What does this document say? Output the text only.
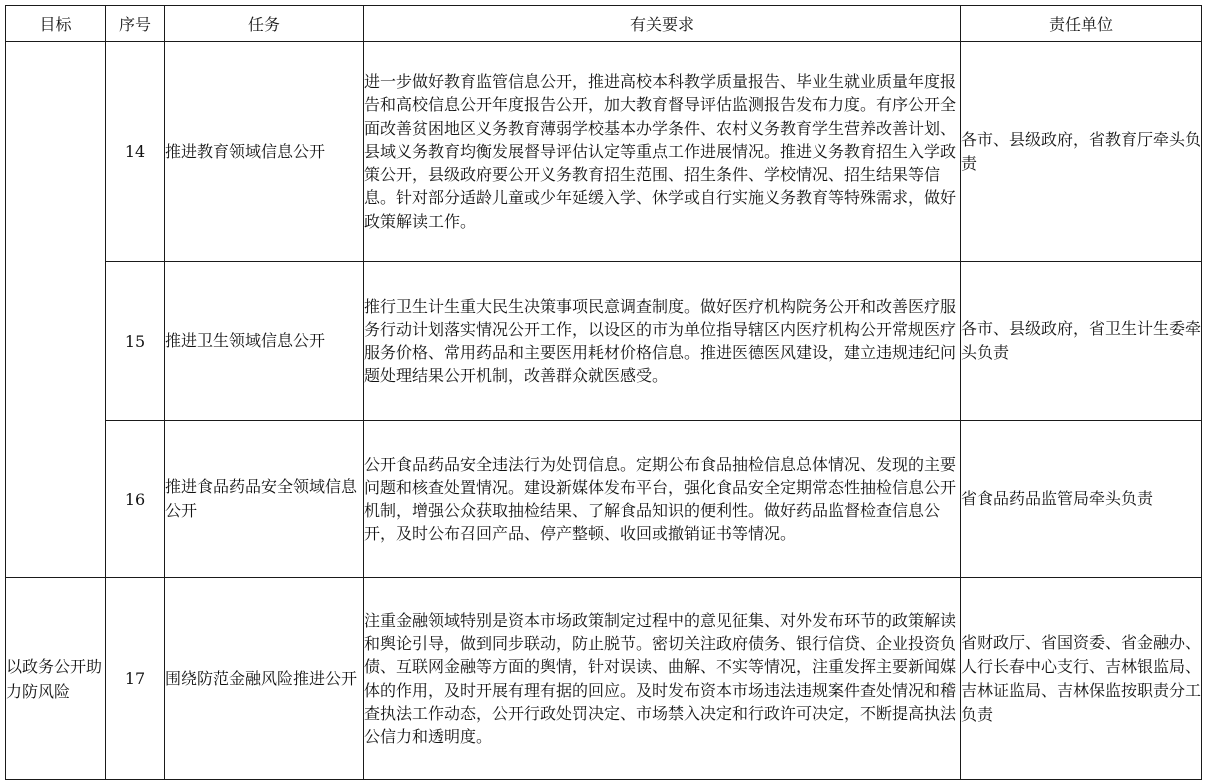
目标	序号	任务	有关要求	责任单位
	14	推进教育领域信息公开	进一步做好教育监管信息公开，推进高校本科教学质量报告、毕业生就业质量年度报告和高校信息公开年度报告公开，加大教育督导评估监测报告发布力度。有序公开全面改善贫困地区义务教育薄弱学校基本办学条件、农村义务教育学生营养改善计划、县域义务教育均衡发展督导评估认定等重点工作进展情况。推进义务教育招生入学政策公开，县级政府要公开义务教育招生范围、招生条件、学校情况、招生结果等信息。针对部分适龄儿童或少年延缓入学、休学或自行实施义务教育等特殊需求，做好政策解读工作。	各市、县级政府，省教育厅牵头负责
	15	推进卫生领域信息公开	推行卫生计生重大民生决策事项民意调查制度。做好医疗机构院务公开和改善医疗服务行动计划落实情况公开工作，以设区的市为单位指导辖区内医疗机构公开常规医疗服务价格、常用药品和主要医用耗材价格信息。推进医德医风建设，建立违规违纪问题处理结果公开机制，改善群众就医感受。	各市、县级政府，省卫生计生委牵头负责
	16	推进食品药品安全领域信息公开	公开食品药品安全违法行为处罚信息。定期公布食品抽检信息总体情况、发现的主要问题和核查处置情况。建设新媒体发布平台，强化食品安全定期常态性抽检信息公开机制，增强公众获取抽检结果、了解食品知识的便利性。做好药品监督检查信息公开，及时公布召回产品、停产整顿、收回或撤销证书等情况。	省食品药品监管局牵头负责
以政务公开助力防风险	17	围绕防范金融风险推进公开	注重金融领域特别是资本市场政策制定过程中的意见征集、对外发布环节的政策解读和舆论引导，做到同步联动，防止脱节。密切关注政府债务、银行信贷、企业投资负债、互联网金融等方面的舆情，针对误读、曲解、不实等情况，注重发挥主要新闻媒体的作用，及时开展有理有据的回应。及时发布资本市场违法违规案件查处情况和稽查执法工作动态，公开行政处罚决定、市场禁入决定和行政许可决定，不断提高执法公信力和透明度。	省财政厅、省国资委、省金融办、人行长春中心支行、吉林银监局、吉林证监局、吉林保监按职责分工负责
